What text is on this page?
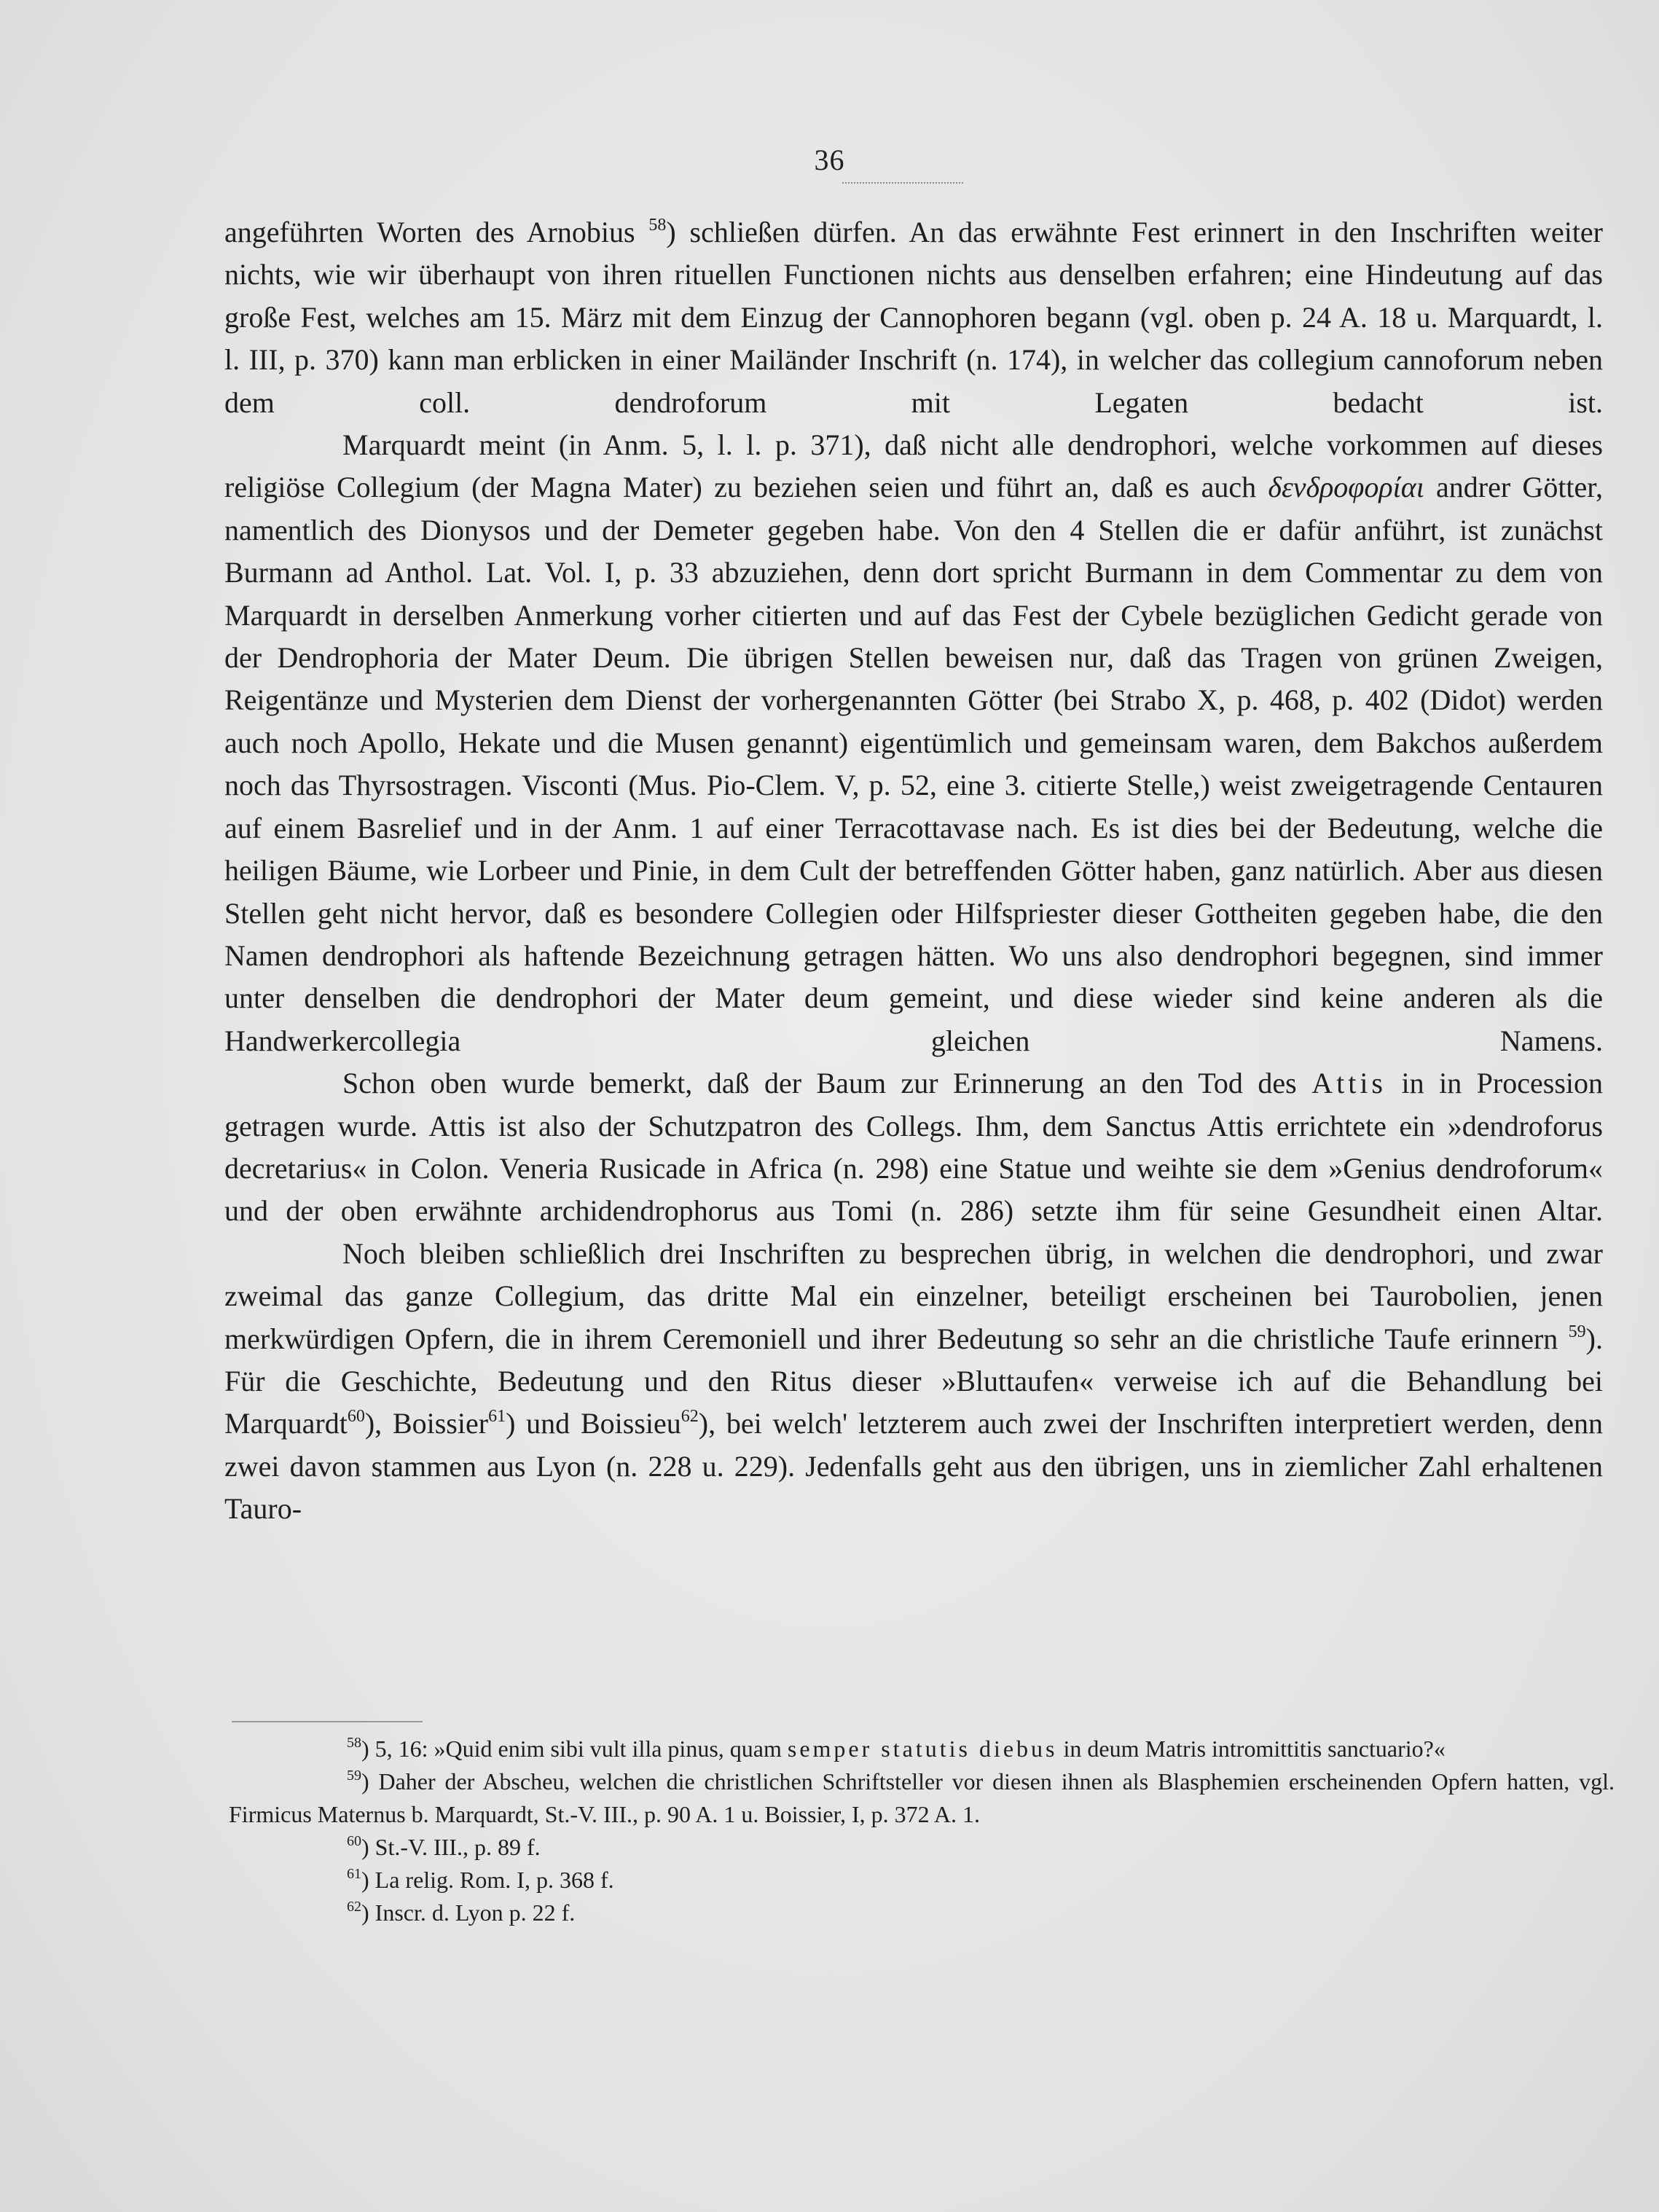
36

angeführten Worten des Arnobius $^{58}$) schließen dürfen. An das erwähnte Fest erinnert in den Inschriften weiter nichts, wie wir überhaupt von ihren rituellen Functionen nichts aus denselben erfahren; eine Hindeutung auf das große Fest, welches am 15. März mit dem Einzug der Cannophoren begann (vgl. oben p. 24 A. 18 u. Marquardt, l. l. III, p. 370) kann man erblicken in einer Mailänder Inschrift (n. 174), in welcher das collegium cannoforum neben dem coll. dendroforum mit Legaten bedacht ist.

Marquardt meint (in Anm. 5, l. l. p. 371), daß nicht alle dendrophori, welche vorkommen auf dieses religiöse Collegium (der Magna Mater) zu beziehen seien und führt an, daß es auch δενδροφορίαι andrer Götter, namentlich des Dionysos und der Demeter gegeben habe. Von den 4 Stellen die er dafür anführt, ist zunächst Burmann ad Anthol. Lat. Vol. I, p. 33 abzuziehen, denn dort spricht Burmann in dem Commentar zu dem von Marquardt in derselben Anmerkung vorher citierten und auf das Fest der Cybele bezüglichen Gedicht gerade von der Dendrophoria der Mater Deum. Die übrigen Stellen beweisen nur, daß das Tragen von grünen Zweigen, Reigentänze und Mysterien dem Dienst der vorhergenannten Götter (bei Strabo X, p. 468, p. 402 (Didot) werden auch noch Apollo, Hekate und die Musen genannt) eigentümlich und gemeinsam waren, dem Bakchos außerdem noch das Thyrsostragen. Visconti (Mus. Pio-Clem. V, p. 52, eine 3. citierte Stelle,) weist zweigetragende Centauren auf einem Basrelief und in der Anm. 1 auf einer Terracottavase nach. Es ist dies bei der Bedeutung, welche die heiligen Bäume, wie Lorbeer und Pinie, in dem Cult der betreffenden Götter haben, ganz natürlich. Aber aus diesen Stellen geht nicht hervor, daß es besondere Collegien oder Hilfspriester dieser Gottheiten gegeben habe, die den Namen dendrophori als haftende Bezeichnung getragen hätten. Wo uns also dendrophori begegnen, sind immer unter denselben die dendrophori der Mater deum gemeint, und diese wieder sind keine anderen als die Handwerkercollegia gleichen Namens.

Schon oben wurde bemerkt, daß der Baum zur Erinnerung an den Tod des Attis in in Procession getragen wurde. Attis ist also der Schutzpatron des Collegs. Ihm, dem Sanctus Attis errichtete ein »dendroforus decretarius« in Colon. Veneria Rusicade in Africa (n. 298) eine Statue und weihte sie dem »Genius dendroforum« und der oben erwähnte archidendrophorus aus Tomi (n. 286) setzte ihm für seine Gesundheit einen Altar.

Noch bleiben schließlich drei Inschriften zu besprechen übrig, in welchen die dendrophori, und zwar zweimal das ganze Collegium, das dritte Mal ein einzelner, beteiligt erscheinen bei Taurobolien, jenen merkwürdigen Opfern, die in ihrem Ceremoniell und ihrer Bedeutung so sehr an die christliche Taufe erinnern $^{59}$). Für die Geschichte, Bedeutung und den Ritus dieser »Bluttaufen« verweise ich auf die Behandlung bei Marquardt$^{60}$), Boissier$^{61}$) und Boissieu$^{62}$), bei welch' letzterem auch zwei der Inschriften interpretiert werden, denn zwei davon stammen aus Lyon (n. 228 u. 229). Jedenfalls geht aus den übrigen, uns in ziemlicher Zahl erhaltenen Tauro-

$^{58}$) 5, 16: »Quid enim sibi vult illa pinus, quam semper statutis diebus in deum Matris intromittitis sanctuario?«

$^{59}$) Daher der Abscheu, welchen die christlichen Schriftsteller vor diesen ihnen als Blasphemien erscheinenden Opfern hatten, vgl. Firmicus Maternus b. Marquardt, St.-V. III., p. 90 A. 1 u. Boissier, I, p. 372 A. 1.

$^{60}$) St.-V. III., p. 89 f.

$^{61}$) La relig. Rom. I, p. 368 f.

$^{62}$) Inscr. d. Lyon p. 22 f.
